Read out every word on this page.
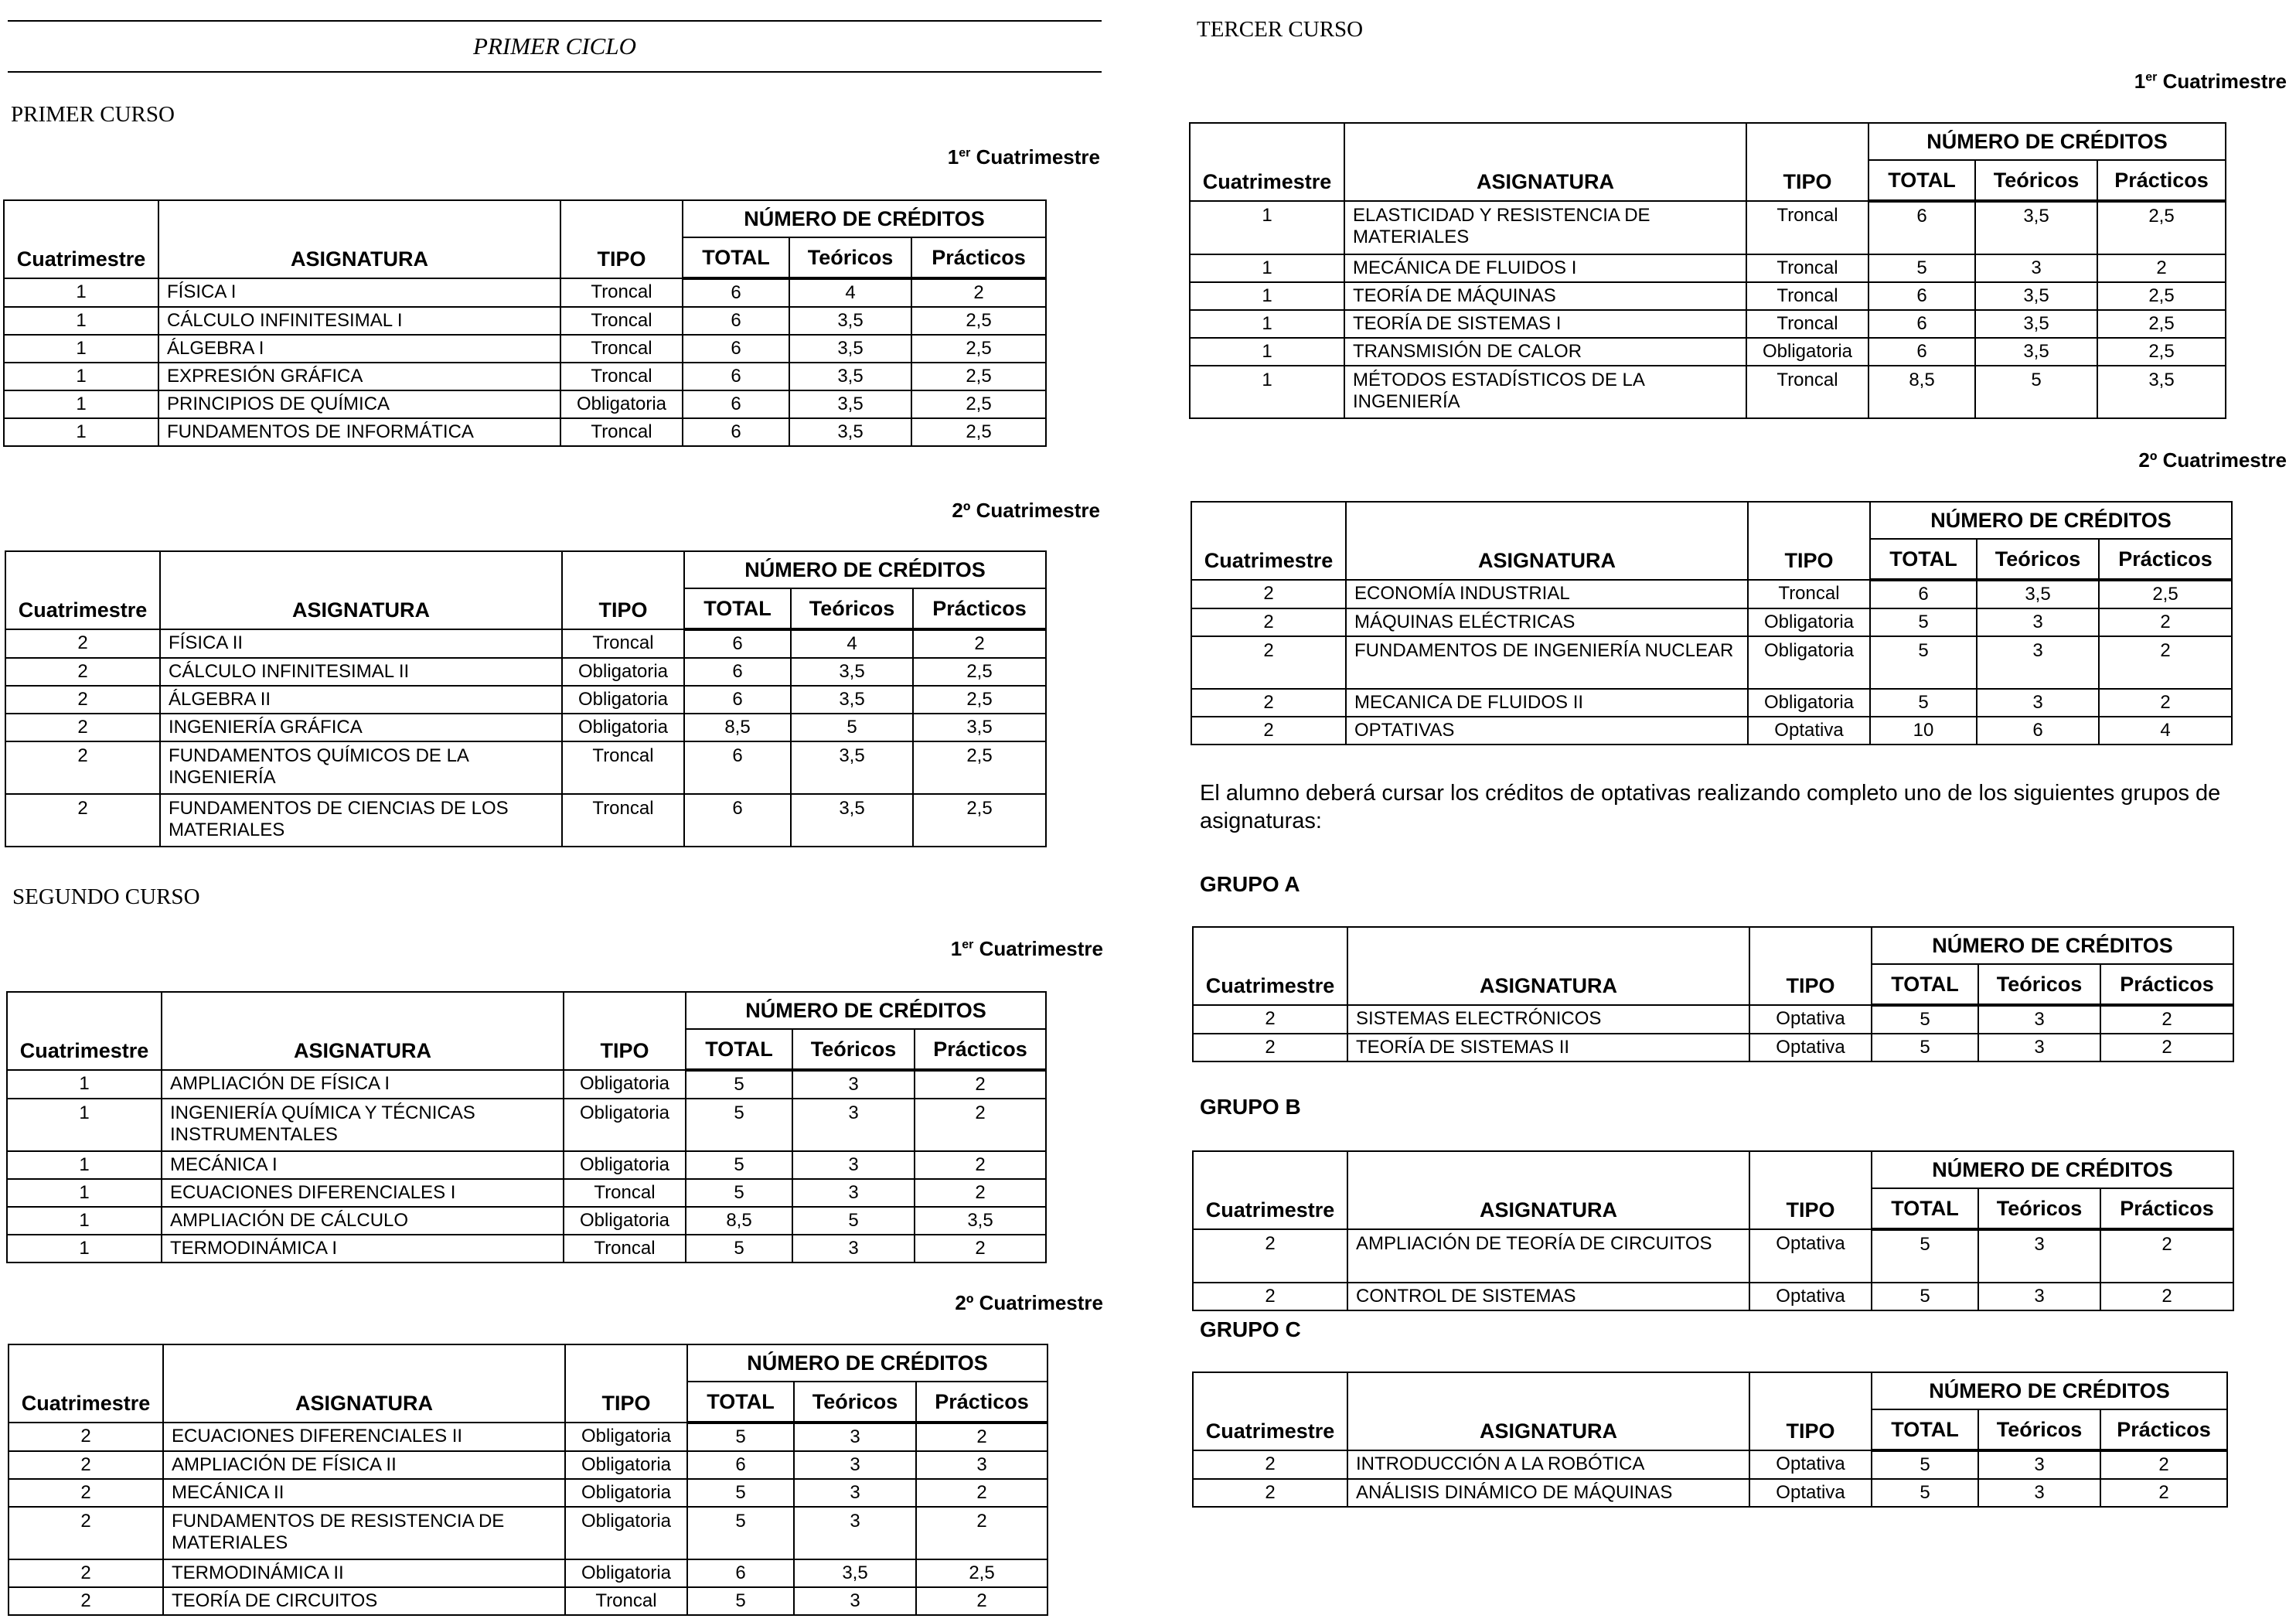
PRIMER CICLO
PRIMER CURSO
1er Cuatrimestre
Cuatrimestre	ASIGNATURA	TIPO	NÚMERO DE CRÉDITOS		
			TOTAL	Teóricos	Prácticos
1	FÍSICA I	Troncal	6	4	2
1	CÁLCULO INFINITESIMAL I	Troncal	6	3,5	2,5
1	ÁLGEBRA I	Troncal	6	3,5	2,5
1	EXPRESIÓN GRÁFICA	Troncal	6	3,5	2,5
1	PRINCIPIOS DE QUÍMICA	Obligatoria	6	3,5	2,5
1	FUNDAMENTOS DE INFORMÁTICA	Troncal	6	3,5	2,5
2º Cuatrimestre
Cuatrimestre	ASIGNATURA	TIPO	NÚMERO DE CRÉDITOS		
			TOTAL	Teóricos	Prácticos
2	FÍSICA II	Troncal	6	4	2
2	CÁLCULO INFINITESIMAL II	Obligatoria	6	3,5	2,5
2	ÁLGEBRA II	Obligatoria	6	3,5	2,5
2	INGENIERÍA GRÁFICA	Obligatoria	8,5	5	3,5
2	FUNDAMENTOS QUÍMICOS DE LA INGENIERÍA	Troncal	6	3,5	2,5
2	FUNDAMENTOS DE CIENCIAS DE LOS MATERIALES	Troncal	6	3,5	2,5
SEGUNDO CURSO
1er Cuatrimestre
Cuatrimestre	ASIGNATURA	TIPO	NÚMERO DE CRÉDITOS		
			TOTAL	Teóricos	Prácticos
1	AMPLIACIÓN DE FÍSICA I	Obligatoria	5	3	2
1	INGENIERÍA QUÍMICA Y TÉCNICAS INSTRUMENTALES	Obligatoria	5	3	2
1	MECÁNICA I	Obligatoria	5	3	2
1	ECUACIONES DIFERENCIALES I	Troncal	5	3	2
1	AMPLIACIÓN DE CÁLCULO	Obligatoria	8,5	5	3,5
1	TERMODINÁMICA I	Troncal	5	3	2
2º Cuatrimestre
Cuatrimestre	ASIGNATURA	TIPO	NÚMERO DE CRÉDITOS		
			TOTAL	Teóricos	Prácticos
2	ECUACIONES DIFERENCIALES II	Obligatoria	5	3	2
2	AMPLIACIÓN DE FÍSICA II	Obligatoria	6	3	3
2	MECÁNICA II	Obligatoria	5	3	2
2	FUNDAMENTOS DE RESISTENCIA DE MATERIALES	Obligatoria	5	3	2
2	TERMODINÁMICA II	Obligatoria	6	3,5	2,5
2	TEORÍA DE CIRCUITOS	Troncal	5	3	2
TERCER CURSO
1er Cuatrimestre
Cuatrimestre	ASIGNATURA	TIPO	NÚMERO DE CRÉDITOS		
			TOTAL	Teóricos	Prácticos
1	ELASTICIDAD Y RESISTENCIA DE MATERIALES	Troncal	6	3,5	2,5
1	MECÁNICA DE FLUIDOS I	Troncal	5	3	2
1	TEORÍA DE MÁQUINAS	Troncal	6	3,5	2,5
1	TEORÍA DE SISTEMAS I	Troncal	6	3,5	2,5
1	TRANSMISIÓN DE CALOR	Obligatoria	6	3,5	2,5
1	MÉTODOS ESTADÍSTICOS DE LA INGENIERÍA	Troncal	8,5	5	3,5
2º Cuatrimestre
Cuatrimestre	ASIGNATURA	TIPO	NÚMERO DE CRÉDITOS		
			TOTAL	Teóricos	Prácticos
2	ECONOMÍA INDUSTRIAL	Troncal	6	3,5	2,5
2	MÁQUINAS ELÉCTRICAS	Obligatoria	5	3	2
2	FUNDAMENTOS DE INGENIERÍA NUCLEAR	Obligatoria	5	3	2
2	MECANICA DE FLUIDOS II	Obligatoria	5	3	2
2	OPTATIVAS	Optativa	10	6	4
El alumno deberá cursar los créditos de optativas realizando completo uno de los siguientes grupos de asignaturas:
GRUPO A
Cuatrimestre	ASIGNATURA	TIPO	NÚMERO DE CRÉDITOS		
			TOTAL	Teóricos	Prácticos
2	SISTEMAS ELECTRÓNICOS	Optativa	5	3	2
2	TEORÍA DE SISTEMAS II	Optativa	5	3	2
GRUPO B
Cuatrimestre	ASIGNATURA	TIPO	NÚMERO DE CRÉDITOS		
			TOTAL	Teóricos	Prácticos
2	AMPLIACIÓN DE TEORÍA DE CIRCUITOS	Optativa	5	3	2
2	CONTROL DE SISTEMAS	Optativa	5	3	2
GRUPO C
Cuatrimestre	ASIGNATURA	TIPO	NÚMERO DE CRÉDITOS		
			TOTAL	Teóricos	Prácticos
2	INTRODUCCIÓN A LA ROBÓTICA	Optativa	5	3	2
2	ANÁLISIS DINÁMICO DE MÁQUINAS	Optativa	5	3	2
